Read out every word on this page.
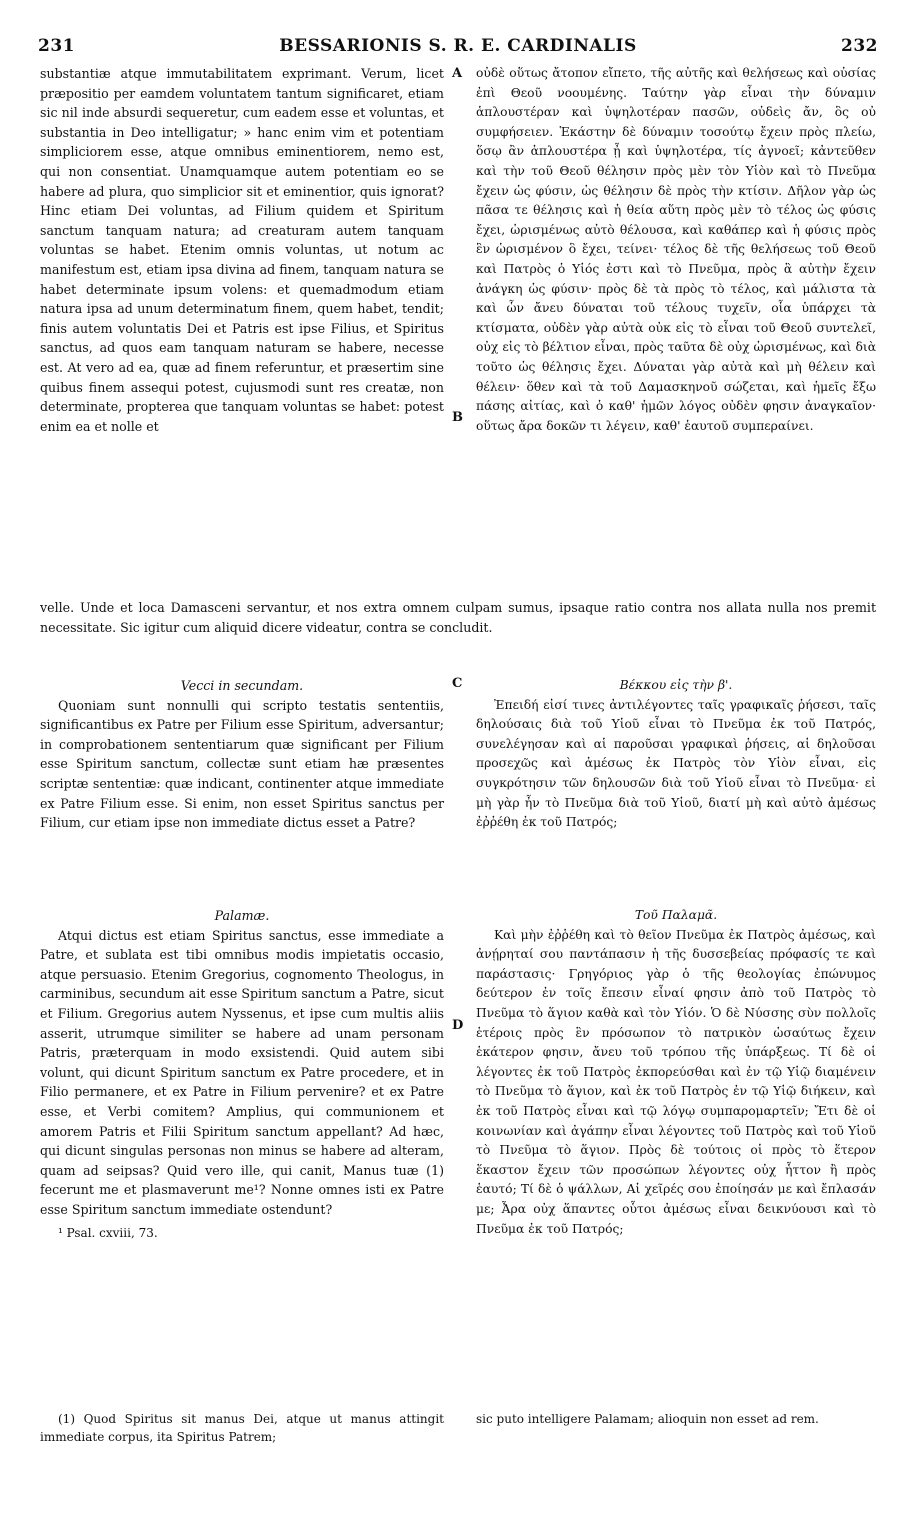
231	BESSARIONIS S. R. E. CARDINALIS	232
A
B
C
D

substantiæ atque immutabilitatem exprimant. Verum, licet præpositio per eamdem voluntatem tantum significaret, etiam sic nil inde absurdi sequeretur, cum eadem esse et voluntas, et substantia in Deo intelligatur; » hanc enim vim et potentiam simpliciorem esse, atque omnibus eminentiorem, nemo est, qui non consentiat. Unamquamque autem potentiam eo se habere ad plura, quo simplicior sit et eminentior, quis ignorat? Hinc etiam Dei voluntas, ad Filium quidem et Spiritum sanctum tanquam natura; ad creaturam autem tanquam voluntas se habet. Etenim omnis voluntas, ut notum ac manifestum est, etiam ipsa divina ad finem, tanquam natura se habet determinate ipsum volens: et quemadmodum etiam natura ipsa ad unum determinatum finem, quem habet, tendit; finis autem voluntatis Dei et Patris est ipse Filius, et Spiritus sanctus, ad quos eam tanquam naturam se habere, necesse est. At vero ad ea, quæ ad finem referuntur, et præsertim sine quibus finem assequi potest, cujusmodi sunt res creatæ, non determinate, propterea que tanquam voluntas se habet: potest enim ea et nolle et

οὐδὲ οὕτως ἄτοπον εἴπετο, τῆς αὐτῆς καὶ θελήσεως καὶ οὐσίας ἐπὶ Θεοῦ νοουμένης. Ταύτην γὰρ εἶναι τὴν δύναμιν ἁπλουστέραν καὶ ὑψηλοτέραν πασῶν, οὐδεὶς ἄν, ὃς οὐ συμφήσειεν. Ἑκάστην δὲ δύναμιν τοσούτῳ ἔχειν πρὸς πλείω, ὅσῳ ἂν ἁπλουστέρα ᾖ καὶ ὑψηλοτέρα, τίς ἀγνοεῖ; κἀντεῦθεν καὶ τὴν τοῦ Θεοῦ θέλησιν πρὸς μὲν τὸν Υἱὸν καὶ τὸ Πνεῦμα ἔχειν ὡς φύσιν, ὡς θέλησιν δὲ πρὸς τὴν κτίσιν. Δῆλον γὰρ ὡς πᾶσα τε θέλησις καὶ ἡ θεία αὕτη πρὸς μὲν τὸ τέλος ὡς φύσις ἔχει, ὡρισμένως αὐτὸ θέλουσα, καὶ καθάπερ καὶ ἡ φύσις πρὸς ἓν ὡρισμένον ὃ ἔχει, τείνει· τέλος δὲ τῆς θελήσεως τοῦ Θεοῦ καὶ Πατρὸς ὁ Υἱός ἐστι καὶ τὸ Πνεῦμα, πρὸς ἃ αὐτὴν ἔχειν ἀνάγκη ὡς φύσιν· πρὸς δὲ τὰ πρὸς τὸ τέλος, καὶ μάλιστα τὰ καὶ ὧν ἄνευ δύναται τοῦ τέλους τυχεῖν, οἷα ὑπάρχει τὰ κτίσματα, οὐδὲν γὰρ αὐτὰ οὐκ εἰς τὸ εἶναι τοῦ Θεοῦ συντελεῖ, οὐχ εἰς τὸ βέλτιον εἶναι, πρὸς ταῦτα δὲ οὐχ ὡρισμένως, καὶ διὰ τοῦτο ὡς θέλησις ἔχει. Δύναται γὰρ αὐτὰ καὶ μὴ θέλειν καὶ θέλειν· ὅθεν καὶ τὰ τοῦ Δαμασκηνοῦ σώζεται, καὶ ἡμεῖς ἔξω πάσης αἰτίας, καὶ ὁ καθ' ἡμῶν λόγος οὐδὲν φησιν ἀναγκαῖον· οὕτως ἄρα δοκῶν τι λέγειν, καθ' ἑαυτοῦ συμπεραίνει.

velle. Unde et loca Damasceni servantur, et nos extra omnem culpam sumus, ipsaque ratio contra nos allata nulla nos premit necessitate. Sic igitur cum aliquid dicere videatur, contra se concludit.

Vecci in secundam.

Quoniam sunt nonnulli qui scripto testatis sententiis, significantibus ex Patre per Filium esse Spiritum, adversantur; in comprobationem sententiarum quæ significant per Filium esse Spiritum sanctum, collectæ sunt etiam hæ præsentes scriptæ sententiæ: quæ indicant, continenter atque immediate ex Patre Filium esse. Si enim, non esset Spiritus sanctus per Filium, cur etiam ipse non immediate dictus esset a Patre?

Βέκκου εἰς τὴν β'.

Ἐπειδή εἰσί τινες ἀντιλέγοντες ταῖς γραφικαῖς ῥήσεσι, ταῖς δηλούσαις διὰ τοῦ Υἱοῦ εἶναι τὸ Πνεῦμα ἐκ τοῦ Πατρός, συνελέγησαν καὶ αἱ παροῦσαι γραφικαὶ ῥήσεις, αἱ δηλοῦσαι προσεχῶς καὶ ἀμέσως ἐκ Πατρὸς τὸν Υἱὸν εἶναι, εἰς συγκρότησιν τῶν δηλουσῶν διὰ τοῦ Υἱοῦ εἶναι τὸ Πνεῦμα· εἰ μὴ γὰρ ἦν τὸ Πνεῦμα διὰ τοῦ Υἱοῦ, διατί μὴ καὶ αὐτὸ ἀμέσως ἐῤῥέθη ἐκ τοῦ Πατρός;

Palamæ.

Atqui dictus est etiam Spiritus sanctus, esse immediate a Patre, et sublata est tibi omnibus modis impietatis occasio, atque persuasio. Etenim Gregorius, cognomento Theologus, in carminibus, secundum ait esse Spiritum sanctum a Patre, sicut et Filium. Gregorius autem Nyssenus, et ipse cum multis aliis asserit, utrumque similiter se habere ad unam personam Patris, præterquam in modo exsistendi. Quid autem sibi volunt, qui dicunt Spiritum sanctum ex Patre procedere, et in Filio permanere, et ex Patre in Filium pervenire? et ex Patre esse, et Verbi comitem? Amplius, qui communionem et amorem Patris et Filii Spiritum sanctum appellant? Ad hæc, qui dicunt singulas personas non minus se habere ad alteram, quam ad seipsas? Quid vero ille, qui canit, Manus tuæ (1) fecerunt me et plasmaverunt me¹? Nonne omnes isti ex Patre esse Spiritum sanctum immediate ostendunt?

¹ Psal. cxviii, 73.

Τοῦ Παλαμᾶ.

Καὶ μὴν ἐῤῥέθη καὶ τὸ θεῖον Πνεῦμα ἐκ Πατρὸς ἀμέσως, καὶ ἀνῄρηταί σου παντάπασιν ἡ τῆς δυσσεβείας πρόφασίς τε καὶ παράστασις· Γρηγόριος γὰρ ὁ τῆς θεολογίας ἐπώνυμος δεύτερον ἐν τοῖς ἔπεσιν εἶναί φησιν ἀπὸ τοῦ Πατρὸς τὸ Πνεῦμα τὸ ἅγιον καθὰ καὶ τὸν Υἱόν. Ὁ δὲ Νύσσης σὺν πολλοῖς ἑτέροις πρὸς ἓν πρόσωπον τὸ πατρικὸν ὡσαύτως ἔχειν ἑκάτερον φησιν, ἄνευ τοῦ τρόπου τῆς ὑπάρξεως. Τί δὲ οἱ λέγοντες ἐκ τοῦ Πατρὸς ἐκπορεύσθαι καὶ ἐν τῷ Υἱῷ διαμένειν τὸ Πνεῦμα τὸ ἅγιον, καὶ ἐκ τοῦ Πατρὸς ἐν τῷ Υἱῷ διήκειν, καὶ ἐκ τοῦ Πατρὸς εἶναι καὶ τῷ λόγῳ συμπαρομαρτεῖν; Ἔτι δὲ οἱ κοινωνίαν καὶ ἀγάπην εἶναι λέγοντες τοῦ Πατρὸς καὶ τοῦ Υἱοῦ τὸ Πνεῦμα τὸ ἅγιον. Πρὸς δὲ τούτοις οἱ πρὸς τὸ ἕτερον ἕκαστον ἔχειν τῶν προσώπων λέγοντες οὐχ ἧττον ἢ πρὸς ἑαυτό; Τί δὲ ὁ ψάλλων, Αἱ χεῖρές σου ἐποίησάν με καὶ ἔπλασάν με; Ἆρα οὐχ ἅπαντες οὗτοι ἀμέσως εἶναι δεικνύουσι καὶ τὸ Πνεῦμα ἐκ τοῦ Πατρός;

(1) Quod Spiritus sit manus Dei, atque ut manus attingit immediate corpus, ita Spiritus Patrem;

sic puto intelligere Palamam; alioquin non esset ad rem.
